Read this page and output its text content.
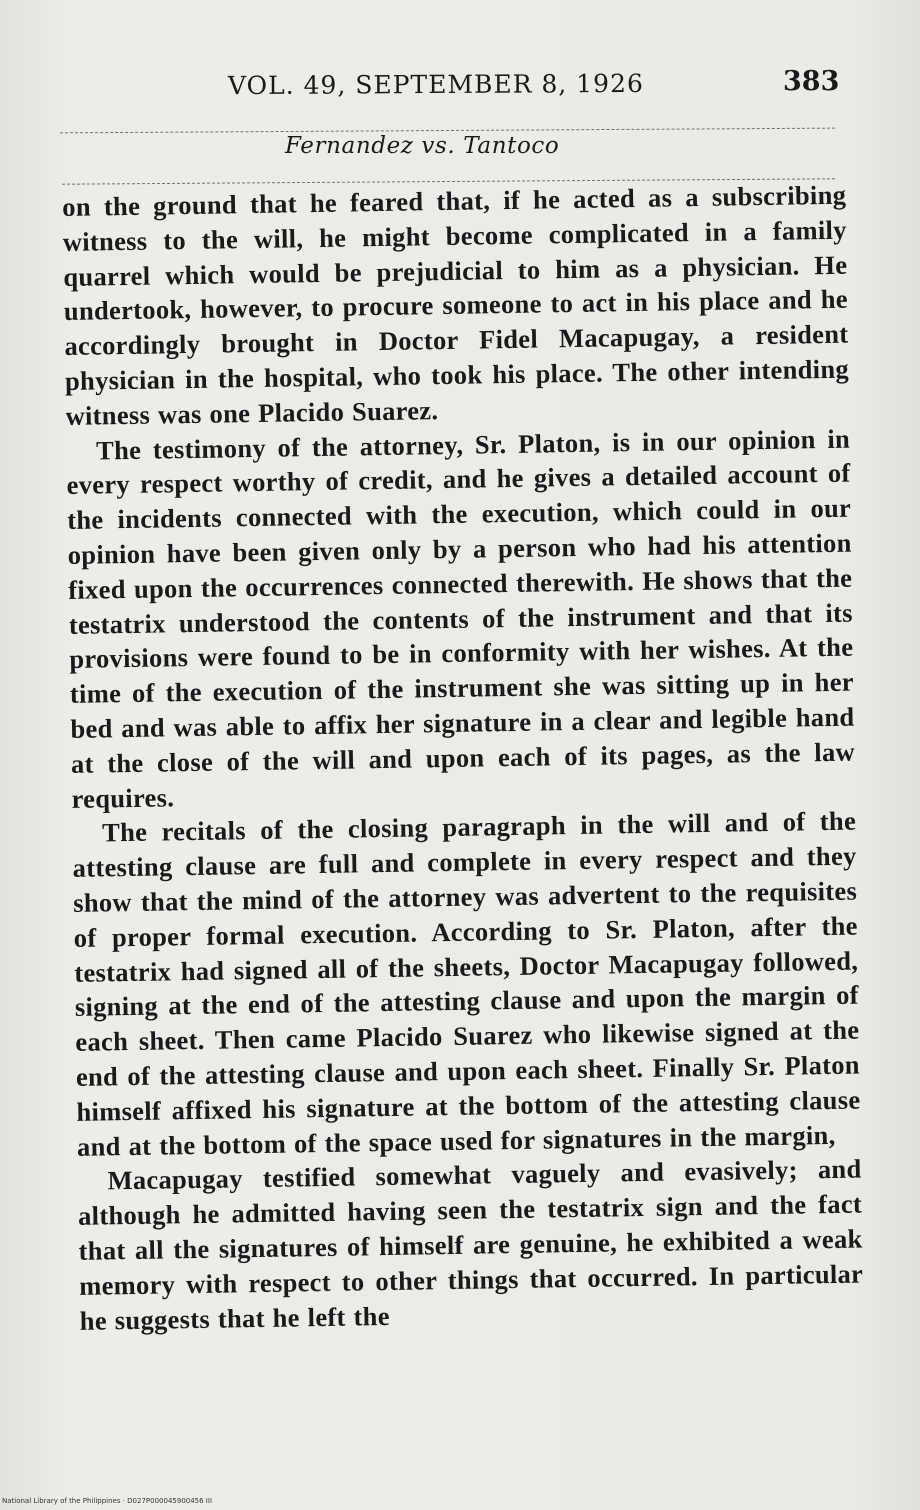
VOL. 49, SEPTEMBER 8, 1926	383
Fernandez vs. Tantoco

on the ground that he feared that, if he acted as a subscribing witness to the will, he might become complicated in a family quarrel which would be prejudicial to him as a physician. He undertook, however, to procure someone to act in his place and he accordingly brought in Doctor Fidel Macapugay, a resident physician in the hospital, who took his place. The other intending witness was one Placido Suarez.

The testimony of the attorney, Sr. Platon, is in our opinion in every respect worthy of credit, and he gives a detailed account of the incidents connected with the execution, which could in our opinion have been given only by a person who had his attention fixed upon the occurrences connected therewith. He shows that the testatrix understood the contents of the instrument and that its provisions were found to be in conformity with her wishes. At the time of the execution of the instrument she was sitting up in her bed and was able to affix her signature in a clear and legible hand at the close of the will and upon each of its pages, as the law requires.

The recitals of the closing paragraph in the will and of the attesting clause are full and complete in every respect and they show that the mind of the attorney was advertent to the requisites of proper formal execution. According to Sr. Platon, after the testatrix had signed all of the sheets, Doctor Macapugay followed, signing at the end of the attesting clause and upon the margin of each sheet. Then came Placido Suarez who likewise signed at the end of the attesting clause and upon each sheet. Finally Sr. Platon himself affixed his signature at the bottom of the attesting clause and at the bottom of the space used for signatures in the margin,

Macapugay testified somewhat vaguely and evasively; and although he admitted having seen the testatrix sign and the fact that all the signatures of himself are genuine, he exhibited a weak memory with respect to other things that occurred. In particular he suggests that he left the

National Library of the Philippines · D027P000045900456 III
